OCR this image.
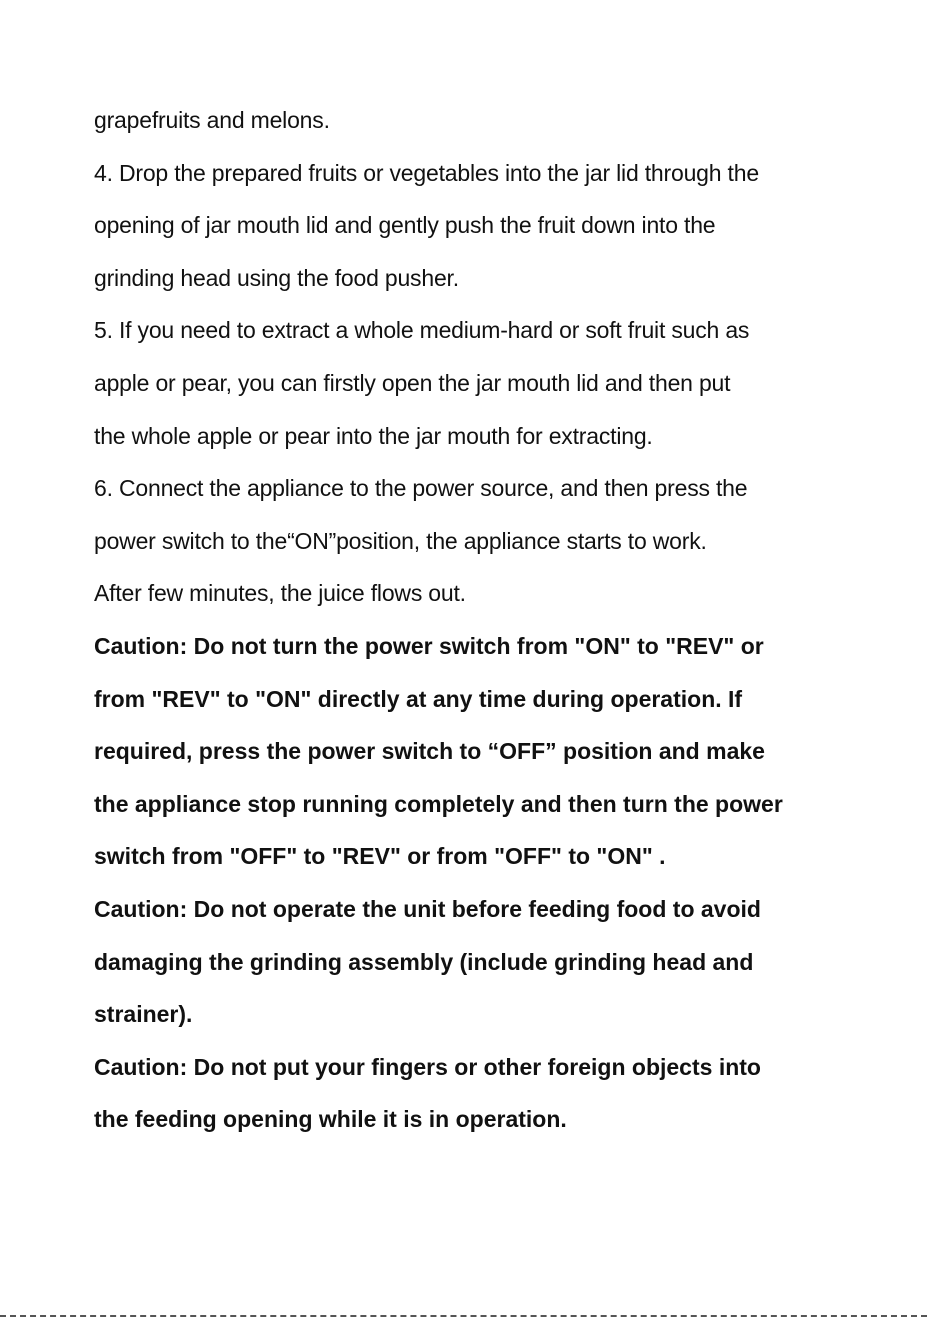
grapefruits and melons.
4. Drop the prepared fruits or vegetables into the jar lid through the
opening of jar mouth lid and gently push the fruit down into the
grinding head using the food pusher.
5. If you need to extract a whole medium-hard or soft fruit such as
apple or pear, you can firstly open the jar mouth lid and then put
the whole apple or pear into the jar mouth for extracting.
6. Connect the appliance to the power source, and then press the
power switch to the“ON”position, the appliance starts to work.
After few minutes, the juice flows out.
Caution: Do not turn the power switch from "ON" to "REV" or
from "REV" to "ON" directly at any time during operation. If
required, press the power switch to “OFF” position and make
the appliance stop running completely and then turn the power
switch from "OFF" to "REV" or from "OFF" to "ON" .
Caution: Do not operate the unit before feeding food to avoid
damaging the grinding assembly (include grinding head and
strainer).
Caution: Do not put your fingers or other foreign objects into
the feeding opening while it is in operation.
